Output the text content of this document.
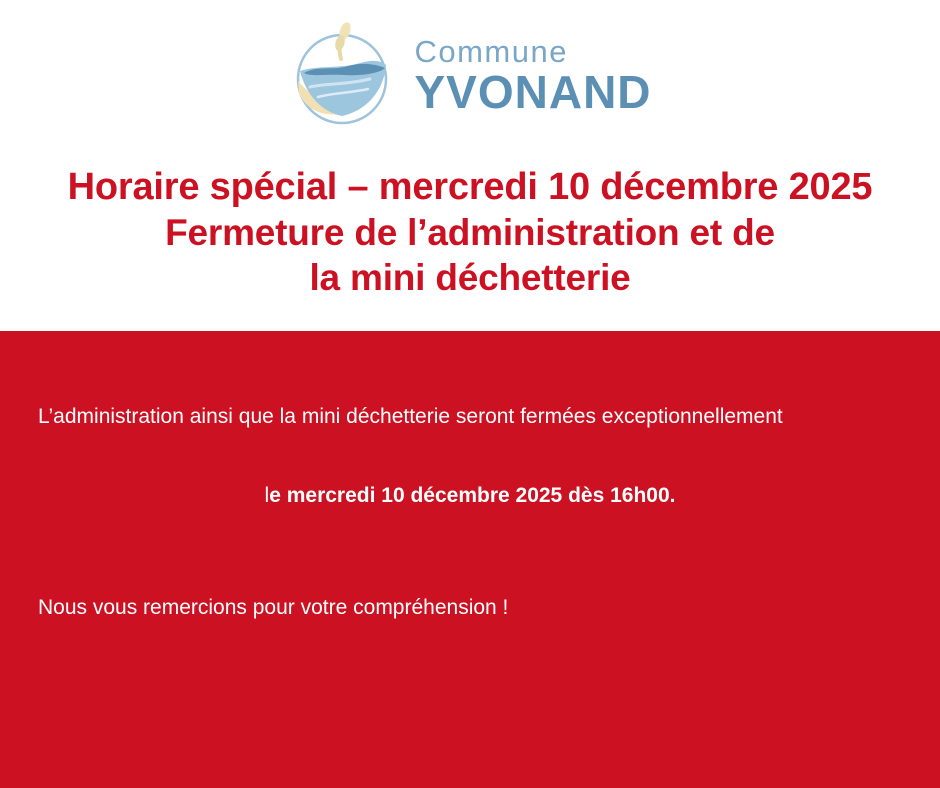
Commune
YVONAND
Horaire spécial – mercredi 10 décembre 2025
Fermeture de l’administration et de
la mini déchetterie

L’administration ainsi que la mini déchetterie seront fermées exceptionnellement

le mercredi 10 décembre 2025 dès 16h00.

Nous vous remercions pour votre compréhension !
